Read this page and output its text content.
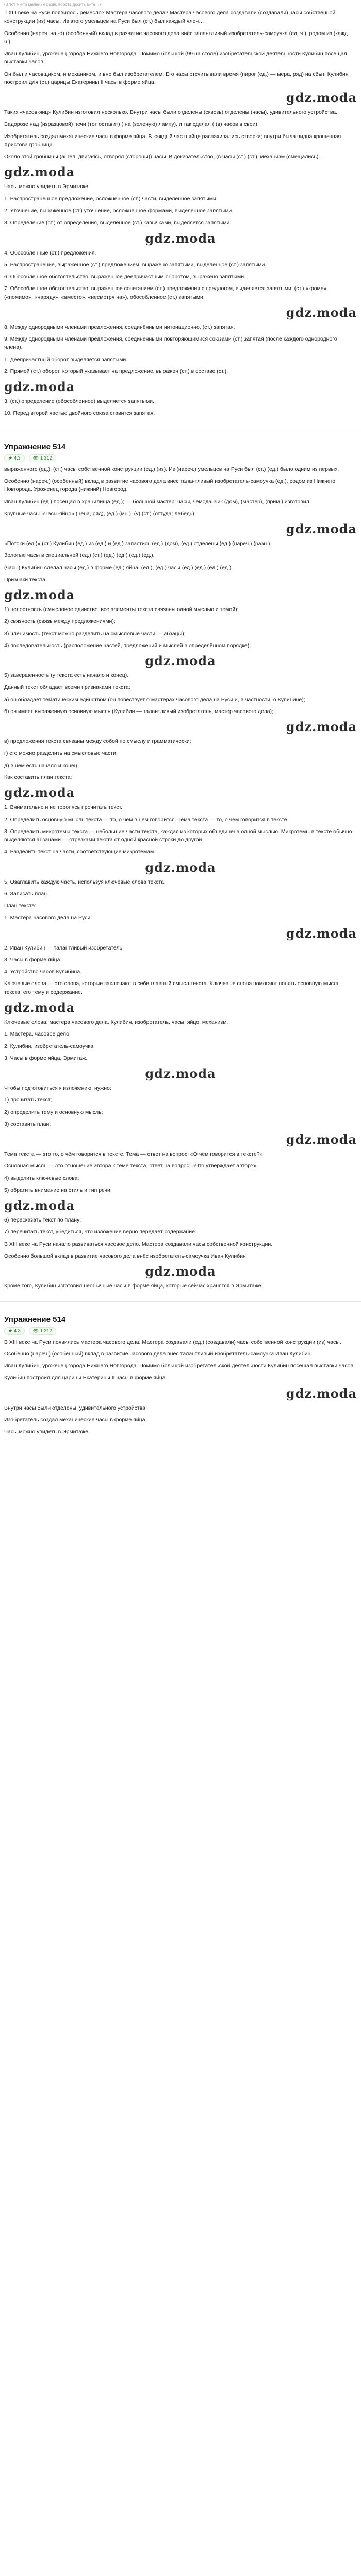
(В тот ми-то маленькі разні; ворота досить м-те…)

Ⅱ XIII веке на Руси появилось ремесло? Мастера часового дела? Мастера часового дела создавали (создавали) часы собственной конструкции (из) часы. Из этого умельцев на Руси был (ст.) был каждый член…

Особенно (нареч. на -о) (особенный) вклад в развитие часового дела внёс талантливый изобретатель-самоучка (ед. ч.), родом из (кажд. ч.).

Иван Кулибин, уроженец города Нижнего Новгорода. Помимо большой (99 на столе) изобретательской деятельности Кулибин посещал выставки часов.

Он был и часовщиком, и механиком, и вне был изобретателем. Его часы отсчитывали время (пирог (ед.) — мера, ряд) на сбыт. Кулибин построил для (ст.) царицы Екатерины II часы в форме яйца.

gdz.moda

Таких «часов-яиц» Кулибин изготовил несколько. Внутри часы были отделены (сквозь) отделены (часы), удивительного устройства.

Бадорозе над (изразцовой) печи (тот оставит) ( на (зеленую) лампу), и так сделал ( (в) часов в свои).

Изобретатель создал механические часы в форме яйца. В каждый час в яйце распахивались створки; внутри была видна крошечная Христова гробница.

Около этой гробницы (ангел, двигаясь, отворял (стороны)) часы. В доказательство, (в часы (ст.) (ст.), механизм (смещались)…

gdz.moda

Часы можно увидеть в Эрмитаже.

1. Распространённое предложение, осложнённое (ст.) части, выделенное запятыми.

2. Уточнение, выраженное (ст.) уточнение, осложнённое формами, выделенное запятыми.

3. Определение (ст.) от определения, выделенное (ст.) кавычками, выделяется запятыми.

gdz.moda

4. Обособленные (ст.) предложения.

5. Распространение, выраженное (ст.) предложением, выражено запятыми, выделенное (ст.) запятыми.

6. Обособленное обстоятельство, выраженное деепричастным оборотом, выражено запятыми.

7. Обособленное обстоятельство, выраженное сочетанием (ст.) предложения с предлогом, выделяется запятыми; (ст.) «кроме» («помимо», «наряду», «вместо», «несмотря на»), обособленное (ст.) запятыми.

gdz.moda

8. Между однородными членами предложения, соединёнными интонационно, (ст.) запятая.

9. Между однородными членами предложения, соединёнными повторяющимися союзами (ст.) запятая (после каждого однородного члена).

1. Деепричастный оборот выделяется запятыми.

2. Прямой (ст.) оборот, который указывает на предложение, выражен (ст.) в составе (ст.).

gdz.moda

3. (ст.) определение (обособленное) выделяется запятыми.

10. Перед второй частью двойного союза ставится запятая.

Упражнение 514
★ 4.3	👁 1 312

выраженного (ед.), (ст.) часы собственной конструкции (ед.) (из). Из (нареч.) умельцев на Руси был (ст.) (ед.) было одним из первых.

Особенно (нареч.) (особенный) вклад в развитие часового дела внёс талантливый изобретатель-самоучка (ед.), родом из Нижнего Новгорода. Уроженец города (нижний) Новгород.

Иван Кулибин (ед.) посещал в хранилища (ед.); — большой мастер: часы, чемоданчик (дом), (мастер), (прим.) изготовил.

Крупные часы «Часы-яйцо» (цена, ряд), (ед.) (мн.), (у) (ст.) (оттуда; лебедь).

gdz.moda

«Потоки (ед.)» (ст.) Кулибин (ед.) из (ед.) и (ед.) запастись (ед.) (дом), (ед.) отделены (ед.) (нареч.) (разн.).

Золотые часы в специальной (ед.) (ст.) (ед.) (ед.) (ед.) (ед.).

(часы) Кулибин сделал часы (ед.) в форме (ед.) яйца, (ед.), (ед.) часы (ед.) (ед.) (ед.) (ед.).

Признаки текста:

gdz.moda

1) целостность (смысловое единство, все элементы текста связаны одной мыслью и темой);

2) связность (связь между предложениями);

3) членимость (текст можно разделить на смысловые части — абзацы);

4) последовательность (расположение частей, предложений и мыслей в определённом порядке);

gdz.moda

5) завершённость (у текста есть начало и конец).

Данный текст обладает всеми признаками текста:

а) он обладает тематическим единством (он повествует о мастерах часового дела на Руси и, в частности, о Кулибине);

б) он имеет выраженную основную мысль (Кулибин — талантливый изобретатель, мастер часового дела);

gdz.moda

в) предложения текста связаны между собой по смыслу и грамматически;

г) его можно разделить на смысловые части;

д) в нём есть начало и конец.

Как составить план текста:

gdz.moda

1. Внимательно и не торопясь прочитать текст.

2. Определить основную мысль текста — то, о чём в нём говорится. Тема текста — то, о чём говорится в тексте.

3. Определить микротемы текста — небольшие части текста, каждая из которых объединена одной мыслью. Микротемы в тексте обычно выделяются абзацами — отрезками текста от одной красной строки до другой.

4. Разделить текст на части, соответствующие микротемам.

gdz.moda

5. Озаглавить каждую часть, используя ключевые слова текста.

6. Записать план.

План текста:

1. Мастера часового дела на Руси.

gdz.moda

2. Иван Кулибин — талантливый изобретатель.

3. Часы в форме яйца.

4. Устройство часов Кулибина.

Ключевые слова — это слова, которые заключают в себе главный смысл текста. Ключевые слова помогают понять основную мысль текста, его тему и содержание.

gdz.moda

Ключевые слова: мастера часового дела, Кулибин, изобретатель, часы, яйцо, механизм.

1. Мастера, часовое дело.

2. Кулибин, изобретатель-самоучка.

3. Часы в форме яйца, Эрмитаж.

gdz.moda

Чтобы подготовиться к изложению, нужно:

1) прочитать текст;

2) определить тему и основную мысль;

3) составить план;

gdz.moda

Тема текста — это то, о чём говорится в тексте. Тема — ответ на вопрос: «О чём говорится в тексте?»

Основная мысль — это отношение автора к теме текста, ответ на вопрос: «Что утверждает автор?»

4) выделить ключевые слова;

5) обратить внимание на стиль и тип речи;

gdz.moda

6) пересказать текст по плану;

7) перечитать текст, убедиться, что изложение верно передаёт содержание.

В XIII веке на Руси начало развиваться часовое дело. Мастера создавали часы собственной конструкции.

Особенно большой вклад в развитие часового дела внёс изобретатель-самоучка Иван Кулибин.

gdz.moda

Кроме того, Кулибин изготовил необычные часы в форме яйца, которые сейчас хранятся в Эрмитаже.

Упражнение 514
★ 4.3	👁 1 312

В XIII веке на Руси появились мастера часового дела. Мастера создавали (ед.) (создавали) часы собственной конструкции (из) часы.

Особенно (нареч.) (особенный) вклад в развитие часового дела внёс талантливый изобретатель-самоучка Иван Кулибин.

Иван Кулибин, уроженец города Нижнего Новгорода. Помимо большой изобретательской деятельности Кулибин посещал выставки часов.

Кулибин построил для царицы Екатерины II часы в форме яйца.

gdz.moda

Внутри часы были отделены, удивительного устройства.

Изобретатель создал механические часы в форме яйца.

Часы можно увидеть в Эрмитаже.
